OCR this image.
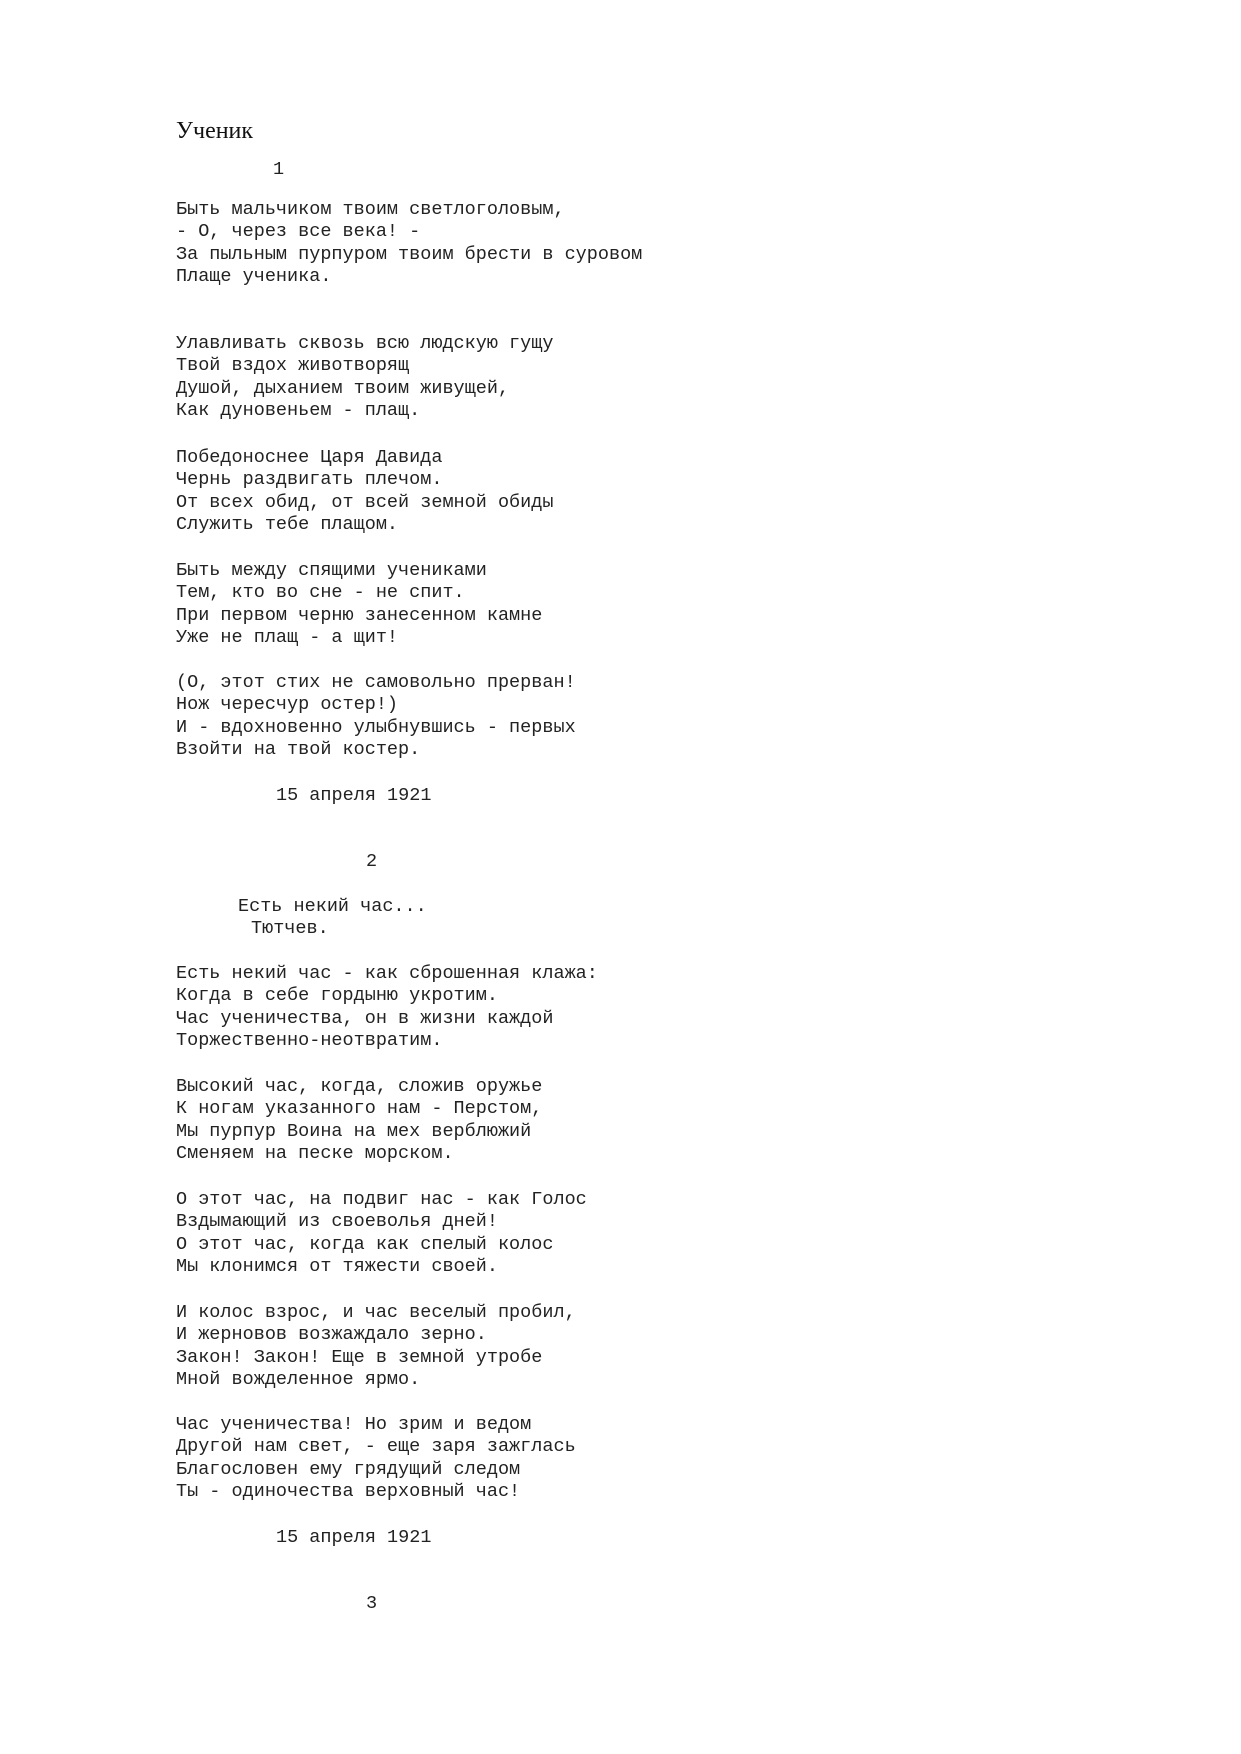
Ученик
1
Быть мальчиком твоим светлоголовым,
- О, через все века! -
За пыльным пурпуром твоим брести в суровом
Плаще ученика.
Улавливать сквозь всю людскую гущу
Твой вздох животворящ
Душой, дыханием твоим живущей,
Как дуновеньем - плащ.
Победоноснее Царя Давида
Чернь раздвигать плечом.
От всех обид, от всей земной обиды
Служить тебе плащом.
Быть между спящими учениками
Тем, кто во сне - не спит.
При первом черню занесенном камне
Уже не плащ - а щит!
(О, этот стих не самовольно прерван!
Нож чересчур остер!)
И - вдохновенно улыбнувшись - первых
Взойти на твой костер.
15 апреля 1921
2
Есть некий час...
Тютчев.
Есть некий час - как сброшенная клажа:
Когда в себе гордыню укротим.
Час ученичества, он в жизни каждой
Торжественно-неотвратим.
Высокий час, когда, сложив оружье
К ногам указанного нам - Перстом,
Мы пурпур Воина на мех верблюжий
Сменяем на песке морском.
О этот час, на подвиг нас - как Голос
Вздымающий из своеволья дней!
О этот час, когда как спелый колос
Мы клонимся от тяжести своей.
И колос взрос, и час веселый пробил,
И жерновов возжаждало зерно.
Закон! Закон! Еще в земной утробе
Мной вожделенное ярмо.
Час ученичества! Но зрим и ведом
Другой нам свет, - еще заря зажглась
Благословен ему грядущий следом
Ты - одиночества верховный час!
15 апреля 1921
3
